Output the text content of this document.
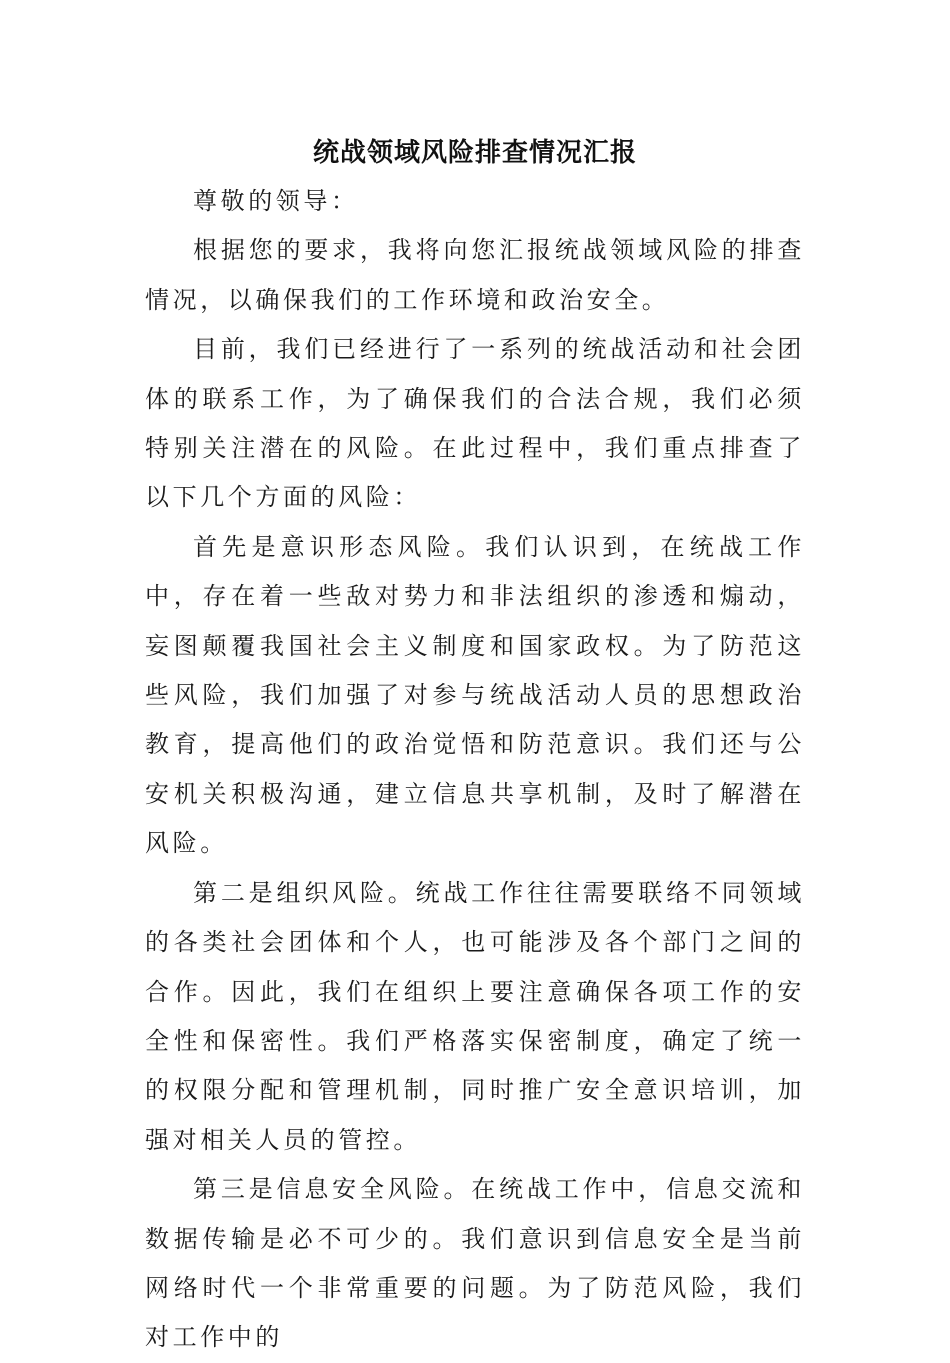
统战领域风险排查情况汇报

尊敬的领导：

根据您的要求，我将向您汇报统战领域风险的排查情况，以确保我们的工作环境和政治安全。

目前，我们已经进行了一系列的统战活动和社会团体的联系工作，为了确保我们的合法合规，我们必须特别关注潜在的风险。在此过程中，我们重点排查了以下几个方面的风险：

首先是意识形态风险。我们认识到，在统战工作中，存在着一些敌对势力和非法组织的渗透和煽动，妄图颠覆我国社会主义制度和国家政权。为了防范这些风险，我们加强了对参与统战活动人员的思想政治教育，提高他们的政治觉悟和防范意识。我们还与公安机关积极沟通，建立信息共享机制，及时了解潜在风险。

第二是组织风险。统战工作往往需要联络不同领域的各类社会团体和个人，也可能涉及各个部门之间的合作。因此，我们在组织上要注意确保各项工作的安全性和保密性。我们严格落实保密制度，确定了统一的权限分配和管理机制，同时推广安全意识培训，加强对相关人员的管控。

第三是信息安全风险。在统战工作中，信息交流和数据传输是必不可少的。我们意识到信息安全是当前网络时代一个非常重要的问题。为了防范风险，我们对工作中的
